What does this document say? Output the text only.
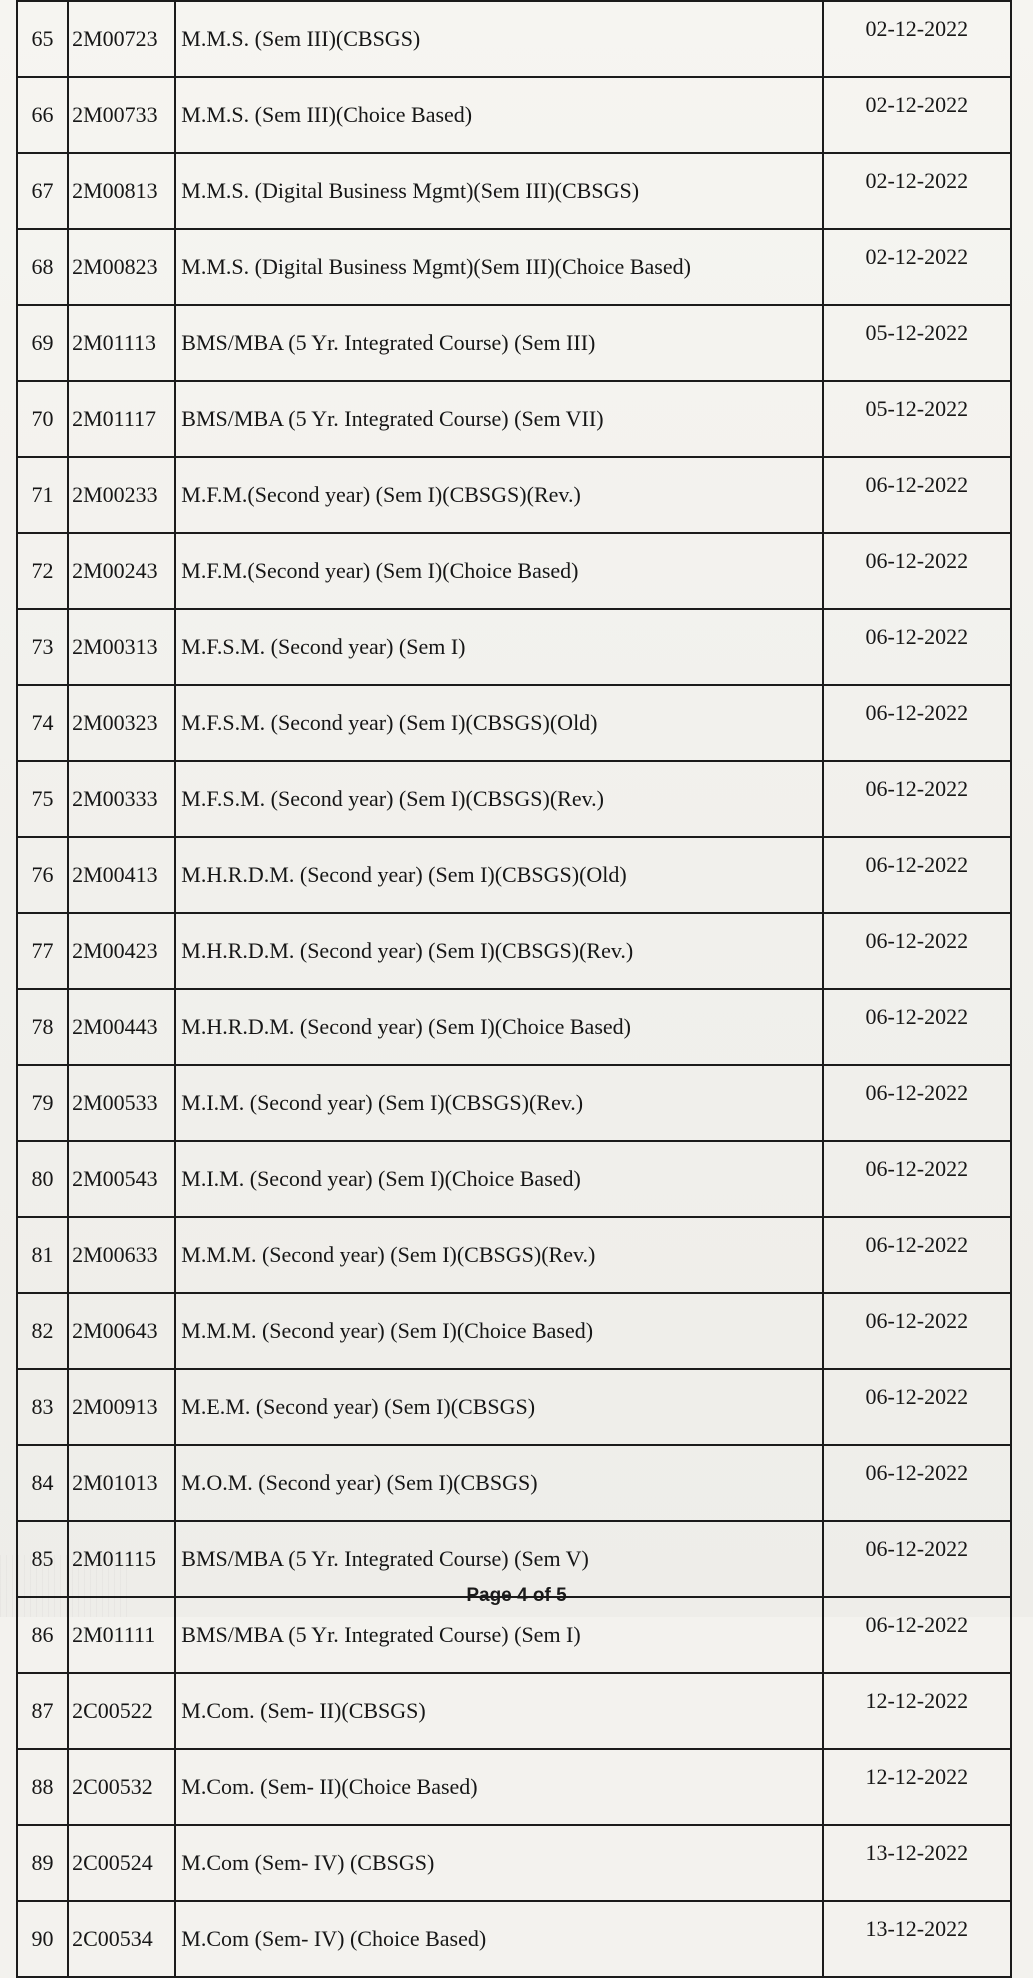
65	2M00723	M.M.S. (Sem III)(CBSGS)	02-12-2022
66	2M00733	M.M.S. (Sem III)(Choice Based)	02-12-2022
67	2M00813	M.M.S. (Digital Business Mgmt)(Sem III)(CBSGS)	02-12-2022
68	2M00823	M.M.S. (Digital Business Mgmt)(Sem III)(Choice Based)	02-12-2022
69	2M01113	BMS/MBA (5 Yr. Integrated Course) (Sem III)	05-12-2022
70	2M01117	BMS/MBA (5 Yr. Integrated Course) (Sem VII)	05-12-2022
71	2M00233	M.F.M.(Second year) (Sem I)(CBSGS)(Rev.)	06-12-2022
72	2M00243	M.F.M.(Second year) (Sem I)(Choice Based)	06-12-2022
73	2M00313	M.F.S.M. (Second year) (Sem I)	06-12-2022
74	2M00323	M.F.S.M. (Second year) (Sem I)(CBSGS)(Old)	06-12-2022
75	2M00333	M.F.S.M. (Second year) (Sem I)(CBSGS)(Rev.)	06-12-2022
76	2M00413	M.H.R.D.M. (Second year) (Sem I)(CBSGS)(Old)	06-12-2022
77	2M00423	M.H.R.D.M. (Second year) (Sem I)(CBSGS)(Rev.)	06-12-2022
78	2M00443	M.H.R.D.M. (Second year) (Sem I)(Choice Based)	06-12-2022
79	2M00533	M.I.M. (Second year) (Sem I)(CBSGS)(Rev.)	06-12-2022
80	2M00543	M.I.M. (Second year) (Sem I)(Choice Based)	06-12-2022
81	2M00633	M.M.M. (Second year) (Sem I)(CBSGS)(Rev.)	06-12-2022
82	2M00643	M.M.M. (Second year) (Sem I)(Choice Based)	06-12-2022
83	2M00913	M.E.M. (Second year) (Sem I)(CBSGS)	06-12-2022
84	2M01013	M.O.M. (Second year) (Sem I)(CBSGS)	06-12-2022
85	2M01115	BMS/MBA (5 Yr. Integrated Course) (Sem V)	06-12-2022
86	2M01111	BMS/MBA (5 Yr. Integrated Course) (Sem I)	06-12-2022
87	2C00522	M.Com. (Sem- II)(CBSGS)	12-12-2022
88	2C00532	M.Com. (Sem- II)(Choice Based)	12-12-2022
89	2C00524	M.Com (Sem- IV) (CBSGS)	13-12-2022
90	2C00534	M.Com (Sem- IV) (Choice Based)	13-12-2022
Page 4 of 5
